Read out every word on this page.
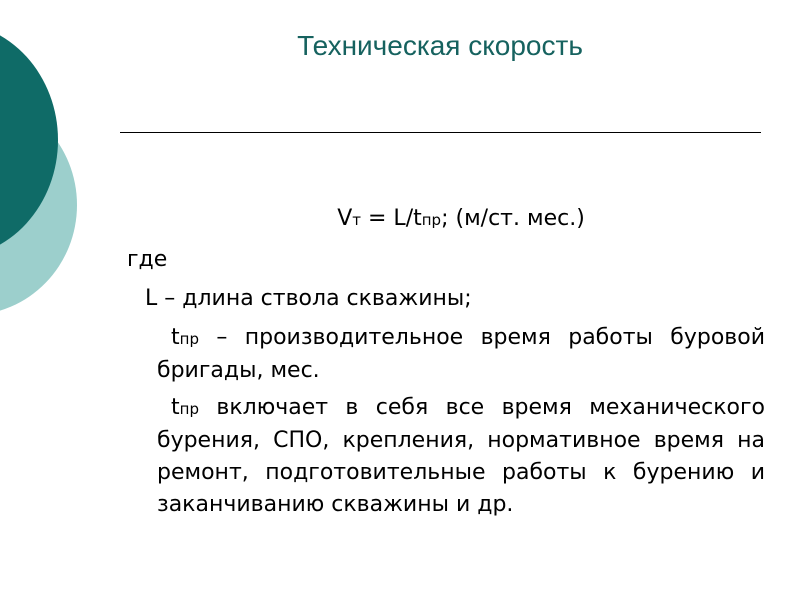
Техническая скорость
Vт = L/tпр; (м/ст. мес.)
где
L – длина ствола скважины;
tпр – производительное время работы буровой бригады, мес.
tпр включает в себя все время механического бурения, СПО, крепления, нормативное время на ремонт, подготовительные работы к бурению и заканчиванию скважины и др.
